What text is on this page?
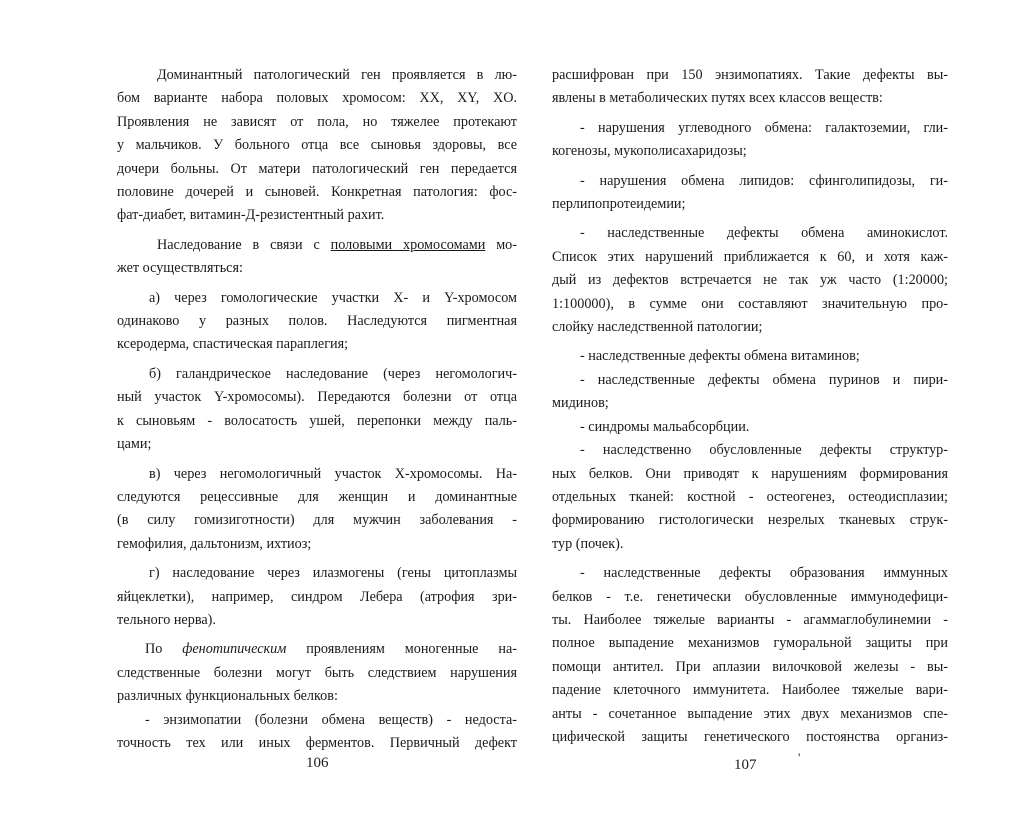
Доминантный патологический ген проявляется в лю-
бом варианте набора половых хромосом: XX, XY, XO.
Проявления не зависят от пола, но тяжелее протекают
у мальчиков. У больного отца все сыновья здоровы, все
дочери больны. От матери патологический ген передается
половине дочерей и сыновей. Конкретная патология: фос-
фат-диабет, витамин-Д-резистентный рахит.
Наследование в связи с половыми хромосомами мо-
жет осуществляться:
а) через гомологические участки X- и Y-хромосом
одинаково у разных полов. Наследуются пигментная
ксеродерма, спастическая параплегия;
б) галандрическое наследование (через негомологич-
ный участок Y-хромосомы). Передаются болезни от отца
к сыновьям - волосатость ушей, перепонки между паль-
цами;
в) через негомологичный участок X-хромосомы. На-
следуются рецессивные для женщин и доминантные
(в силу гомизиготности) для мужчин заболевания -
гемофилия, дальтонизм, ихтиоз;
г) наследование через илазмогены (гены цитоплазмы
яйцеклетки), например, синдром Лебера (атрофия зри-
тельного нерва).
По фенотипическим проявлениям моногенные на-
следственные болезни могут быть следствием нарушения
различных функциональных белков:
- энзимопатии (болезни обмена веществ) - недоста-
точность тех или иных ферментов. Первичный дефект
106
расшифрован при 150 энзимопатиях. Такие дефекты вы-
явлены в метаболических путях всех классов веществ:
- нарушения углеводного обмена: галактоземии, гли-
когенозы, мукополисахаридозы;
- нарушения обмена липидов: сфинголипидозы, ги-
перлипопротеидемии;
- наследственные дефекты обмена аминокислот.
Список этих нарушений приближается к 60, и хотя каж-
дый из дефектов встречается не так уж часто (1:20000;
1:100000), в сумме они составляют значительную про-
слойку наследственной патологии;
- наследственные дефекты обмена витаминов;
- наследственные дефекты обмена пуринов и пири-
мидинов;
- синдромы мальабсорбции.
- наследственно обусловленные дефекты структур-
ных белков. Они приводят к нарушениям формирования
отдельных тканей: костной - остеогенез, остеодисплазии;
формированию гистологически незрелых тканевых струк-
тур (почек).
- наследственные дефекты образования иммунных
белков - т.е. генетически обусловленные иммунодефици-
ты. Наиболее тяжелые варианты - агаммаглобулинемии -
полное выпадение механизмов гуморальной защиты при
помощи антител. При аплазии вилочковой железы - вы-
падение клеточного иммунитета. Наиболее тяжелые вари-
анты - сочетанное выпадение этих двух механизмов спе-
цифической защиты генетического постоянства организ-
107	'
